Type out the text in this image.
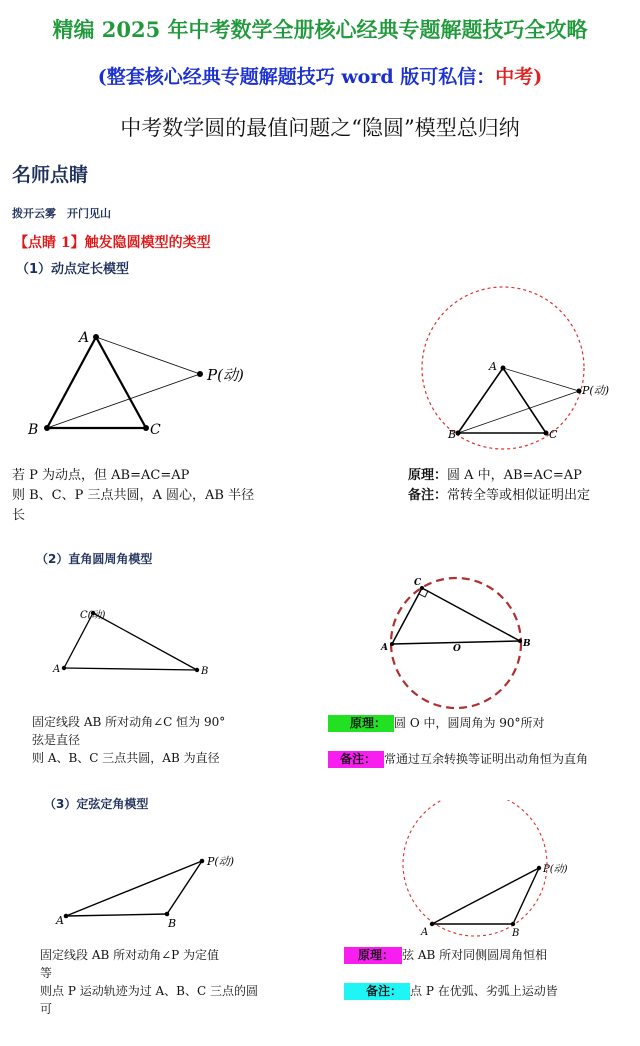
精编 2025 年中考数学全册核心经典专题解题技巧全攻略
(整套核心经典专题解题技巧 word 版可私信：中考)
中考数学圆的最值问题之“隐圆”模型总归纳
名师点睛
拨开云雾　开门见山
【点睛 1】触发隐圆模型的类型
（1）动点定长模型
A
B	C
P(动)	A
B	C
P(动)
若 P 为动点，但 AB=AC=AP
则 B、C、P 三点共圆，A 圆心，AB 半径
长
原理：圆 A 中，AB=AC=AP
备注：常转全等或相似证明出定
（2）直角圆周角模型
C(动)
A	B
C
A	B
O
固定线段 AB 所对动角∠C 恒为 90°
弦是直径
则 A、B、C 三点共圆，AB 为直径
原理： 圆 O 中，圆周角为 90°所对
备注： 常通过互余转换等证明出动角恒为直角
（3）定弦定角模型
A	B
P(动)
A	B
P(动)
固定线段 AB 所对动角∠P 为定值
等
则点 P 运动轨迹为过 A、B、C 三点的圆
可
原理： 弦 AB 所对同侧圆周角恒相
备注： 点 P 在优弧、劣弧上运动皆
